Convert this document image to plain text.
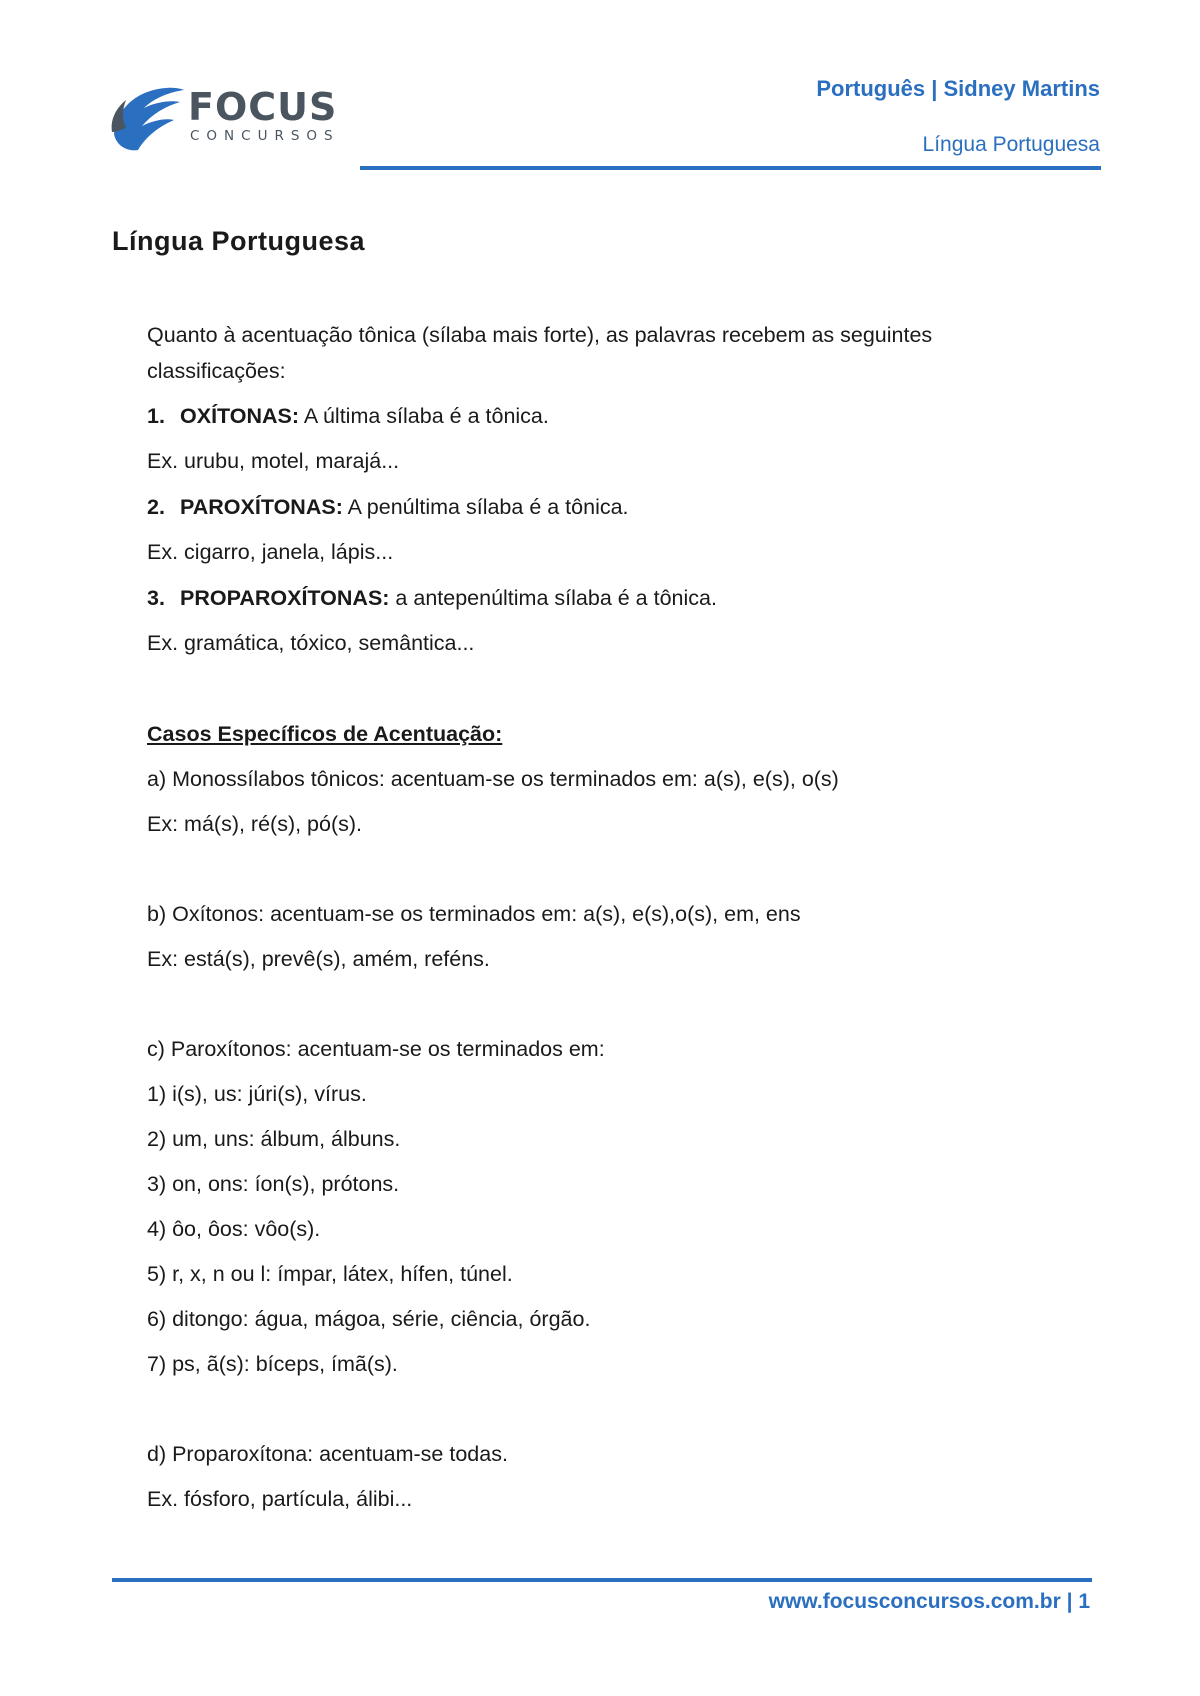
FOCUS
CONCURSOS
Português | Sidney Martins
Língua Portuguesa
Língua Portuguesa
Quanto à acentuação tônica (sílaba mais forte), as palavras recebem as seguintes
classificações:
1. OXÍTONAS: A última sílaba é a tônica.
Ex. urubu, motel, marajá...
2. PAROXÍTONAS: A penúltima sílaba é a tônica.
Ex. cigarro, janela, lápis...
3. PROPAROXÍTONAS: a antepenúltima sílaba é a tônica.
Ex. gramática, tóxico, semântica...
Casos Específicos de Acentuação:
a) Monossílabos tônicos: acentuam-se os terminados em: a(s), e(s), o(s)
Ex: má(s), ré(s), pó(s).
b) Oxítonos: acentuam-se os terminados em: a(s), e(s),o(s), em, ens
Ex: está(s), prevê(s), amém, reféns.
c) Paroxítonos: acentuam-se os terminados em:
1) i(s), us: júri(s), vírus.
2) um, uns: álbum, álbuns.
3) on, ons: íon(s), prótons.
4) ôo, ôos: vôo(s).
5) r, x, n ou l: ímpar, látex, hífen, túnel.
6) ditongo: água, mágoa, série, ciência, órgão.
7) ps, ã(s): bíceps, ímã(s).
d) Proparoxítona: acentuam-se todas.
Ex. fósforo, partícula, álibi...
www.focusconcursos.com.br | 1
